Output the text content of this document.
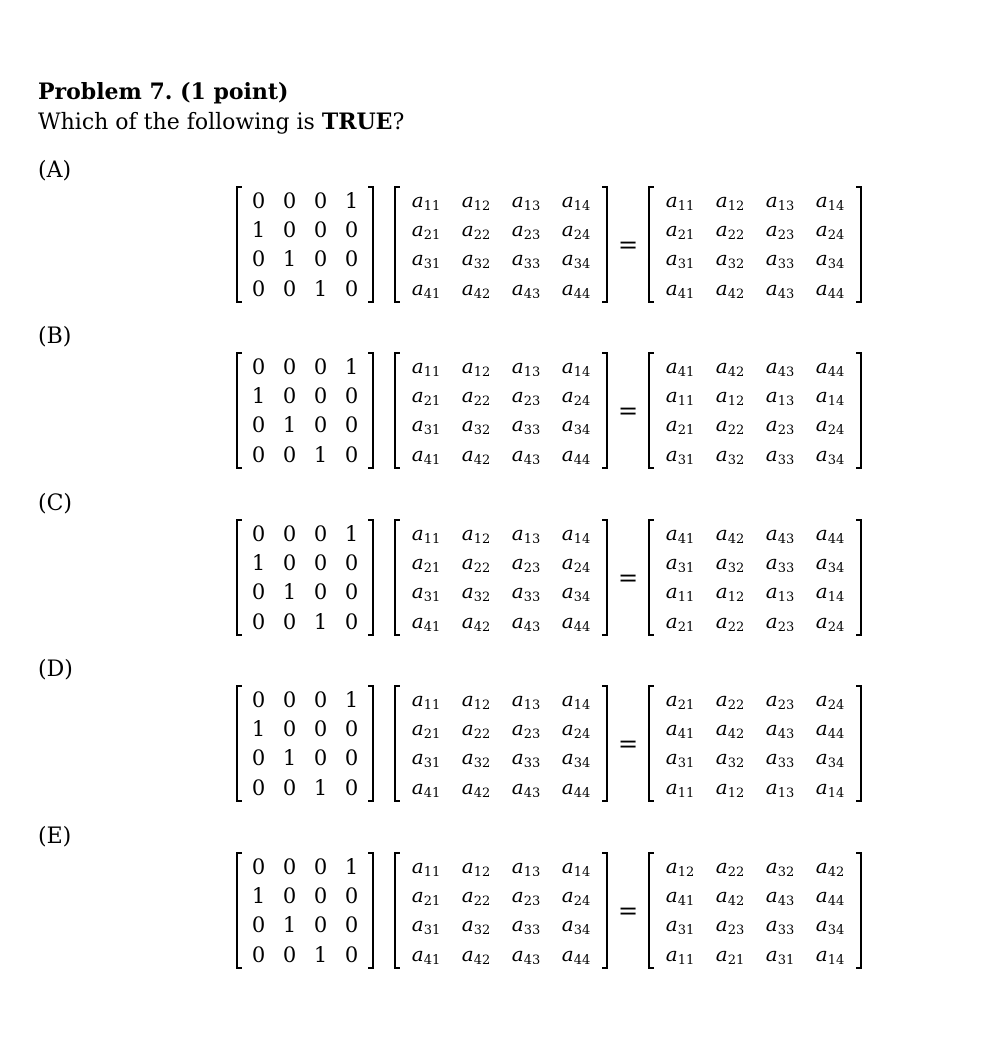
Problem 7. (1 point)
Which of the following is TRUE?
(A)
0 0 0 1
1 0 0 0
0 1 0 0
0 0 1 0
$a_{11}$	$a_{12}$	$a_{13}$	$a_{14}$
$a_{21}$	$a_{22}$	$a_{23}$	$a_{24}$
$a_{31}$	$a_{32}$	$a_{33}$	$a_{34}$
$a_{41}$	$a_{42}$	$a_{43}$	$a_{44}$
=
$a_{11}$	$a_{12}$	$a_{13}$	$a_{14}$
$a_{21}$	$a_{22}$	$a_{23}$	$a_{24}$
$a_{31}$	$a_{32}$	$a_{33}$	$a_{34}$
$a_{41}$	$a_{42}$	$a_{43}$	$a_{44}$
(B)
0 0 0 1
1 0 0 0
0 1 0 0
0 0 1 0
$a_{11}$	$a_{12}$	$a_{13}$	$a_{14}$
$a_{21}$	$a_{22}$	$a_{23}$	$a_{24}$
$a_{31}$	$a_{32}$	$a_{33}$	$a_{34}$
$a_{41}$	$a_{42}$	$a_{43}$	$a_{44}$
=
$a_{41}$	$a_{42}$	$a_{43}$	$a_{44}$
$a_{11}$	$a_{12}$	$a_{13}$	$a_{14}$
$a_{21}$	$a_{22}$	$a_{23}$	$a_{24}$
$a_{31}$	$a_{32}$	$a_{33}$	$a_{34}$
(C)
0 0 0 1
1 0 0 0
0 1 0 0
0 0 1 0
$a_{11}$	$a_{12}$	$a_{13}$	$a_{14}$
$a_{21}$	$a_{22}$	$a_{23}$	$a_{24}$
$a_{31}$	$a_{32}$	$a_{33}$	$a_{34}$
$a_{41}$	$a_{42}$	$a_{43}$	$a_{44}$
=
$a_{41}$	$a_{42}$	$a_{43}$	$a_{44}$
$a_{31}$	$a_{32}$	$a_{33}$	$a_{34}$
$a_{11}$	$a_{12}$	$a_{13}$	$a_{14}$
$a_{21}$	$a_{22}$	$a_{23}$	$a_{24}$
(D)
0 0 0 1
1 0 0 0
0 1 0 0
0 0 1 0
$a_{11}$	$a_{12}$	$a_{13}$	$a_{14}$
$a_{21}$	$a_{22}$	$a_{23}$	$a_{24}$
$a_{31}$	$a_{32}$	$a_{33}$	$a_{34}$
$a_{41}$	$a_{42}$	$a_{43}$	$a_{44}$
=
$a_{21}$	$a_{22}$	$a_{23}$	$a_{24}$
$a_{41}$	$a_{42}$	$a_{43}$	$a_{44}$
$a_{31}$	$a_{32}$	$a_{33}$	$a_{34}$
$a_{11}$	$a_{12}$	$a_{13}$	$a_{14}$
(E)
0 0 0 1
1 0 0 0
0 1 0 0
0 0 1 0
$a_{11}$	$a_{12}$	$a_{13}$	$a_{14}$
$a_{21}$	$a_{22}$	$a_{23}$	$a_{24}$
$a_{31}$	$a_{32}$	$a_{33}$	$a_{34}$
$a_{41}$	$a_{42}$	$a_{43}$	$a_{44}$
=
$a_{12}$	$a_{22}$	$a_{32}$	$a_{42}$
$a_{41}$	$a_{42}$	$a_{43}$	$a_{44}$
$a_{31}$	$a_{23}$	$a_{33}$	$a_{34}$
$a_{11}$	$a_{21}$	$a_{31}$	$a_{14}$
